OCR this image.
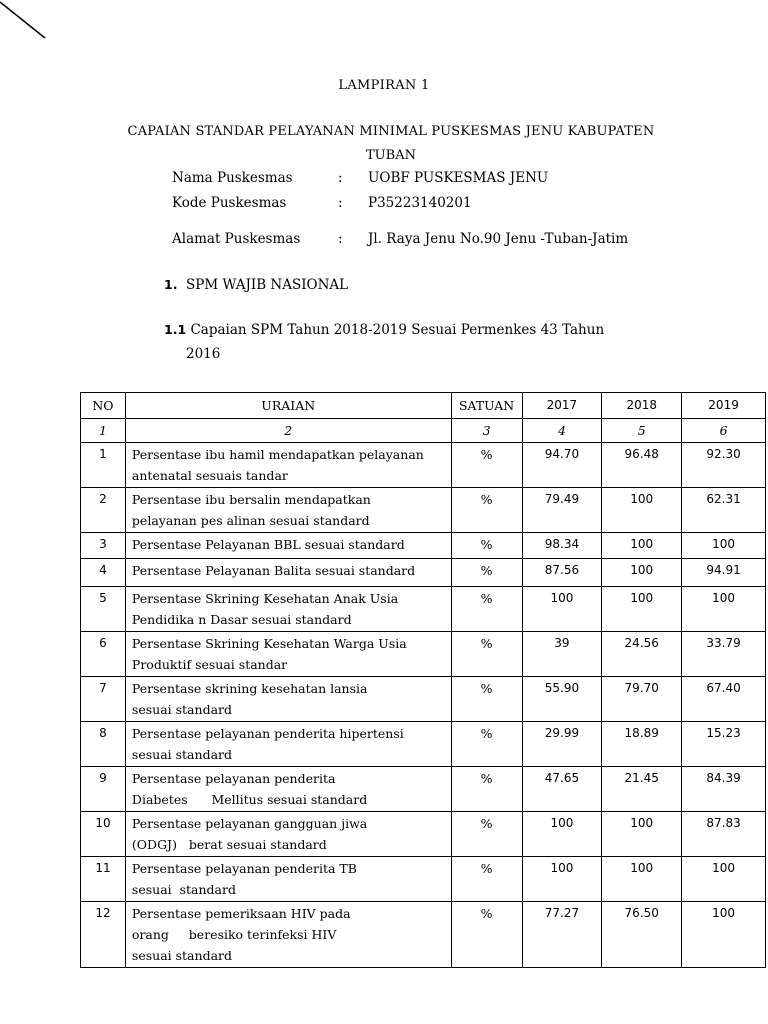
LAMPIRAN 1
CAPAIAN STANDAR PELAYANAN MINIMAL PUSKESMAS JENU KABUPATEN
TUBAN
Nama Puskesmas	: UOBF PUSKESMAS JENU
Kode Puskesmas	: P35223140201
Alamat Puskesmas	: Jl. Raya Jenu No.90 Jenu -Tuban-Jatim
1. SPM WAJIB NASIONAL
1.1 Capaian SPM Tahun 2018-2019 Sesuai Permenkes 43 Tahun
2016
NO	URAIAN	SATUAN	2017	2018	2019
1	2	3	4	5	6
1	Persentase ibu hamil mendapatkan pelayanan
antenatal sesuais tandar	%	94.70	96.48	92.30
2	Persentase ibu bersalin mendapatkan
pelayanan pes alinan sesuai standard	%	79.49	100	62.31
3	Persentase Pelayanan BBL sesuai standard	%	98.34	100	100
4	Persentase Pelayanan Balita sesuai standard	%	87.56	100	94.91
5	Persentase Skrining Kesehatan Anak Usia
Pendidika n Dasar sesuai standard	%	100	100	100
6	Persentase Skrining Kesehatan Warga Usia
Produktif sesuai standar	%	39	24.56	33.79
7	Persentase skrining kesehatan lansia
sesuai standard	%	55.90	79.70	67.40
8	Persentase pelayanan penderita hipertensi
sesuai standard	%	29.99	18.89	15.23
9	Persentase pelayanan penderita
Diabetes      Mellitus sesuai standard	%	47.65	21.45	84.39
10	Persentase pelayanan gangguan jiwa
(ODGJ)   berat sesuai standard	%	100	100	87.83
11	Persentase pelayanan penderita TB
sesuai  standard	%	100	100	100
12	Persentase pemeriksaan HIV pada
orang     beresiko terinfeksi HIV
sesuai standard	%	77.27	76.50	100
